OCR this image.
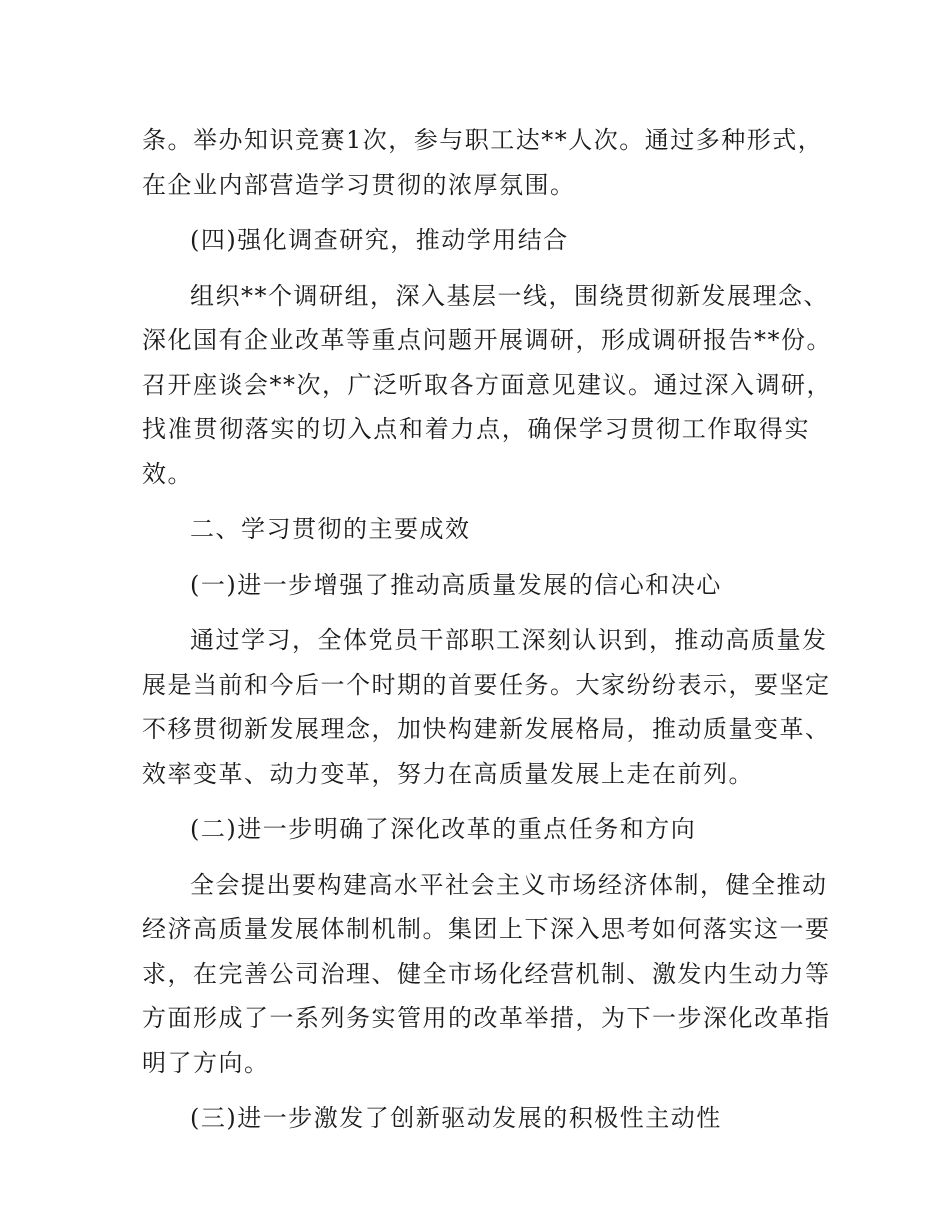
条。举办知识竞赛1次，参与职工达**人次。通过多种形式，
在企业内部营造学习贯彻的浓厚氛围。

(四)强化调查研究，推动学用结合

组织**个调研组，深入基层一线，围绕贯彻新发展理念、
深化国有企业改革等重点问题开展调研，形成调研报告**份。
召开座谈会**次，广泛听取各方面意见建议。通过深入调研，
找准贯彻落实的切入点和着力点，确保学习贯彻工作取得实
效。

二、学习贯彻的主要成效

(一)进一步增强了推动高质量发展的信心和决心

通过学习，全体党员干部职工深刻认识到，推动高质量发
展是当前和今后一个时期的首要任务。大家纷纷表示，要坚定
不移贯彻新发展理念，加快构建新发展格局，推动质量变革、
效率变革、动力变革，努力在高质量发展上走在前列。

(二)进一步明确了深化改革的重点任务和方向

全会提出要构建高水平社会主义市场经济体制，健全推动
经济高质量发展体制机制。集团上下深入思考如何落实这一要
求，在完善公司治理、健全市场化经营机制、激发内生动力等
方面形成了一系列务实管用的改革举措，为下一步深化改革指
明了方向。

(三)进一步激发了创新驱动发展的积极性主动性
